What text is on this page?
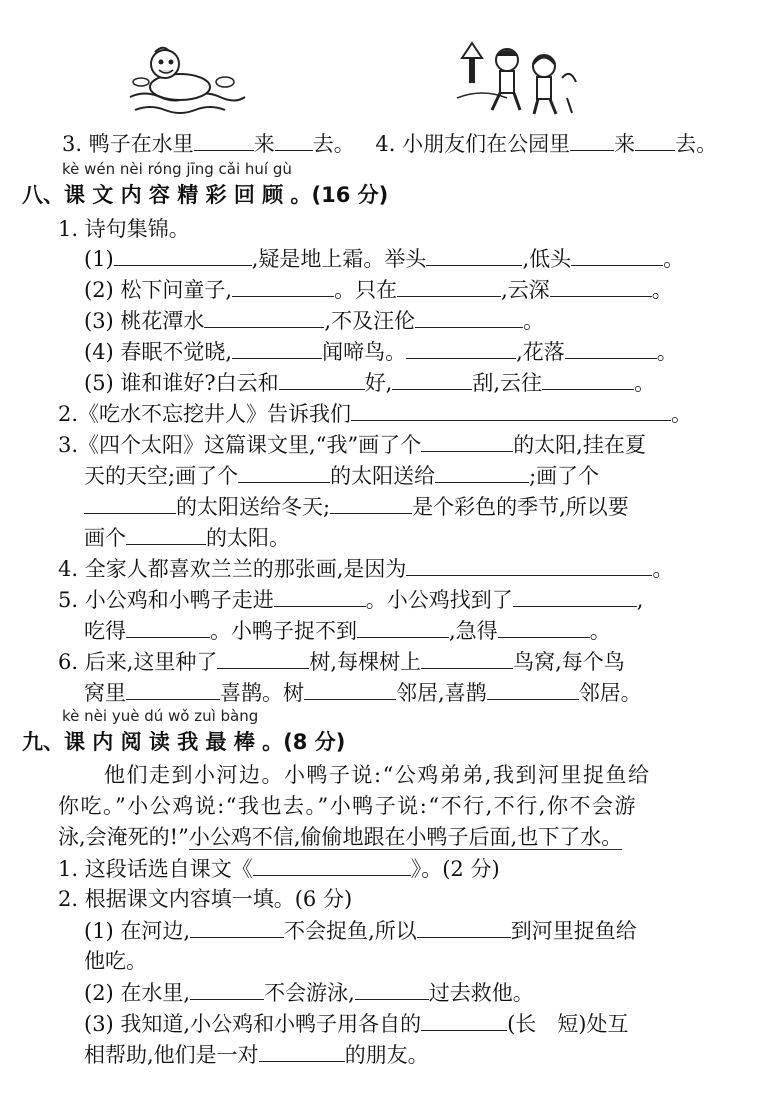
3. 鸭子在水里	来 去。 4. 小朋友们在公园里 来 去。
kè wén nèi róng jīng cǎi huí gù
八、课 文 内 容 精 彩 回 顾 。(16 分)
1. 诗句集锦。
(1)	,疑是地上霜。举头	,低头	。
(2) 松下问童子,	。只在	,云深	。
(3) 桃花潭水	,不及汪伦	。
(4) 春眠不觉晓,	闻啼鸟。	,花落	。
(5) 谁和谁好?白云和	好,	刮,云往	。
2.《吃水不忘挖井人》告诉我们	。
3.《四个太阳》这篇课文里,“我”画了个	的太阳,挂在夏
天的天空;画了个	的太阳送给	;画了个
的太阳送给冬天;	是个彩色的季节,所以要
画个	的太阳。
4. 全家人都喜欢兰兰的那张画,是因为	。
5. 小公鸡和小鸭子走进	。小公鸡找到了	,
吃得	。小鸭子捉不到	,急得	。
6. 后来,这里种了	树,每棵树上	鸟窝,每个鸟
窝里	喜鹊。树	邻居,喜鹊	邻居。
kè nèi yuè dú wǒ zuì bàng
九、课 内 阅 读 我 最 棒 。(8 分)
他们走到小河边。小鸭子说:“公鸡弟弟,我到河里捉鱼给
你吃。”小公鸡说:“我也去。”小鸭子说:“不行,不行,你不会游
泳,会淹死的!”小公鸡不信,偷偷地跟在小鸭子后面,也下了水。
1. 这段话选自课文《	》。(2 分)
2. 根据课文内容填一填。(6 分)
(1) 在河边,	不会捉鱼,所以	到河里捉鱼给
他吃。
(2) 在水里,	不会游泳,	过去救他。
(3) 我知道,小公鸡和小鸭子用各自的	(长　短)处互
相帮助,他们是一对	的朋友。
